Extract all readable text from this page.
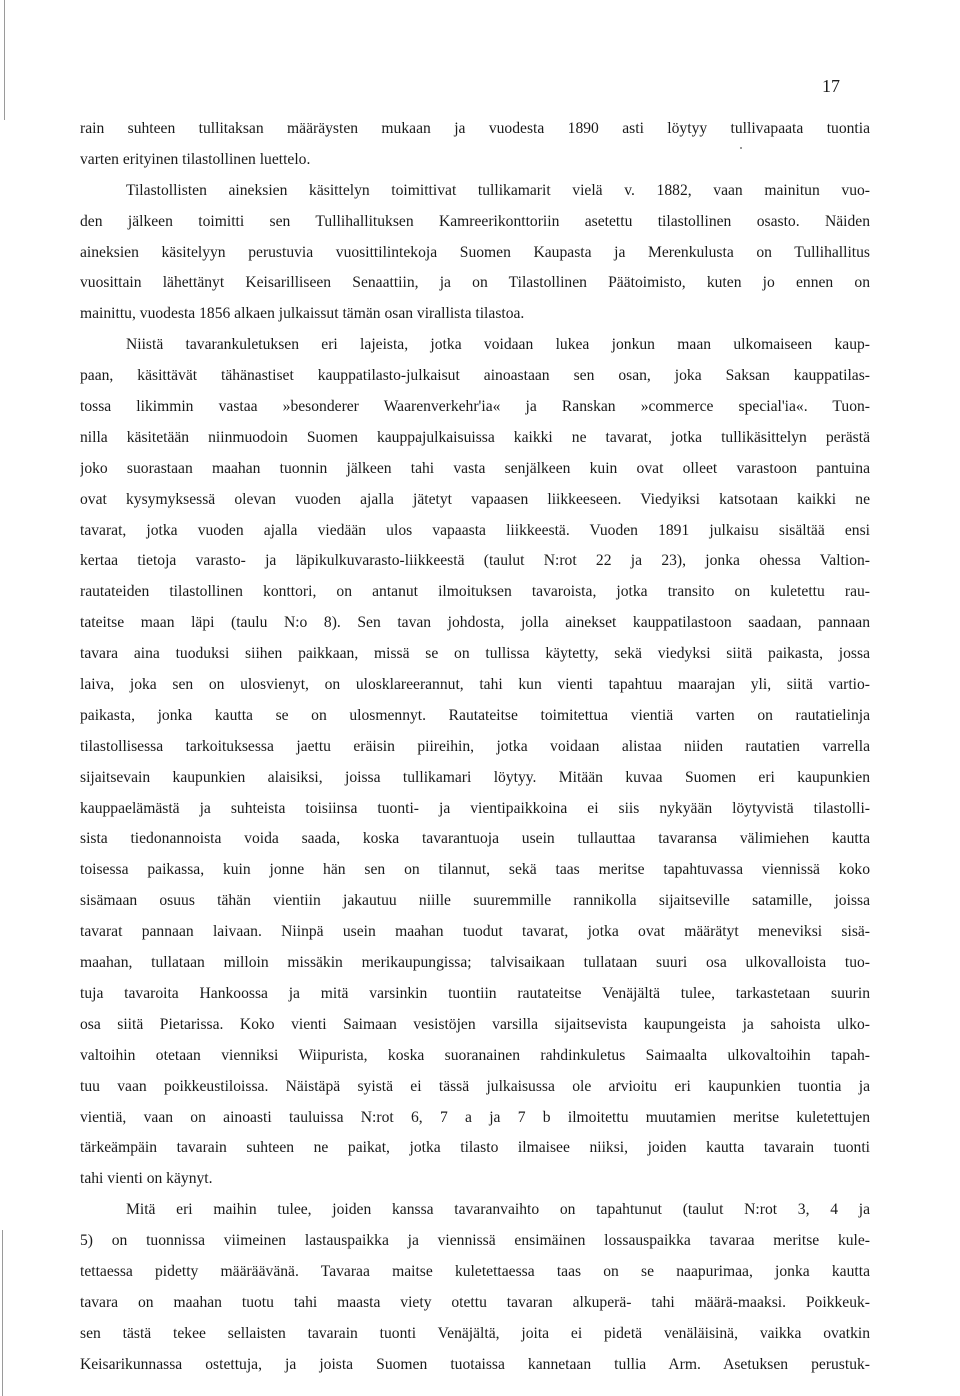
17
rain suhteen tullitaksan määräysten mukaan ja vuodesta 1890 asti löytyy tullivapaata tuontia
varten erityinen tilastollinen luettelo.
Tilastollisten aineksien käsittelyn toimittivat tullikamarit vielä v. 1882, vaan mainitun vuo-
den jälkeen toimitti sen Tullihallituksen Kamreerikonttoriin asetettu tilastollinen osasto. Näiden
aineksien käsitelyyn perustuvia vuosittilintekoja Suomen Kaupasta ja Merenkulusta on Tullihallitus
vuosittain lähettänyt Keisarilliseen Senaattiin, ja on Tilastollinen Päätoimisto, kuten jo ennen on
mainittu, vuodesta 1856 alkaen julkaissut tämän osan virallista tilastoa.
Niistä tavarankuletuksen eri lajeista, jotka voidaan lukea jonkun maan ulkomaiseen kaup-
paan, käsittävät tähänastiset kauppatilasto-julkaisut ainoastaan sen osan, joka Saksan kauppatilas-
tossa likimmin vastaa »besonderer Waarenverkehr'ia« ja Ranskan »commerce special'ia«. Tuon-
nilla käsitetään niinmuodoin Suomen kauppajulkaisuissa kaikki ne tavarat, jotka tullikäsittelyn perästä
joko suorastaan maahan tuonnin jälkeen tahi vasta senjälkeen kuin ovat olleet varastoon pantuina
ovat kysymyksessä olevan vuoden ajalla jätetyt vapaasen liikkeeseen. Viedyiksi katsotaan kaikki ne
tavarat, jotka vuoden ajalla viedään ulos vapaasta liikkeestä. Vuoden 1891 julkaisu sisältää ensi
kertaa tietoja varasto- ja läpikulkuvarasto-liikkeestä (taulut N:rot 22 ja 23), jonka ohessa Valtion-
rautateiden tilastollinen konttori, on antanut ilmoituksen tavaroista, jotka transito on kuletettu rau-
tateitse maan läpi (taulu N:o 8). Sen tavan johdosta, jolla ainekset kauppatilastoon saadaan, pannaan
tavara aina tuoduksi siihen paikkaan, missä se on tullissa käytetty, sekä viedyksi siitä paikasta, jossa
laiva, joka sen on ulosvienyt, on ulosklareerannut, tahi kun vienti tapahtuu maarajan yli, siitä vartio-
paikasta, jonka kautta se on ulosmennyt. Rautateitse toimitettua vientiä varten on rautatielinja
tilastollisessa tarkoituksessa jaettu eräisin piireihin, jotka voidaan alistaa niiden rautatien varrella
sijaitsevain kaupunkien alaisiksi, joissa tullikamari löytyy. Mitään kuvaa Suomen eri kaupunkien
kauppaelämästä ja suhteista toisiinsa tuonti- ja vientipaikkoina ei siis nykyään löytyvistä tilastolli-
sista tiedonannoista voida saada, koska tavarantuoja usein tullauttaa tavaransa välimiehen kautta
toisessa paikassa, kuin jonne hän sen on tilannut, sekä taas meritse tapahtuvassa viennissä koko
sisämaan osuus tähän vientiin jakautuu niille suuremmille rannikolla sijaitseville satamille, joissa
tavarat pannaan laivaan. Niinpä usein maahan tuodut tavarat, jotka ovat määrätyt meneviksi sisä-
maahan, tullataan milloin missäkin merikaupungissa; talvisaikaan tullataan suuri osa ulkovalloista tuo-
tuja tavaroita Hankoossa ja mitä varsinkin tuontiin rautateitse Venäjältä tulee, tarkastetaan suurin
osa siitä Pietarissa. Koko vienti Saimaan vesistöjen varsilla sijaitsevista kaupungeista ja sahoista ulko-
valtoihin otetaan vienniksi Wiipurista, koska suoranainen rahdinkuletus Saimaalta ulkovaltoihin tapah-
tuu vaan poikkeustiloissa. Näistäpä syistä ei tässä julkaisussa ole arvioitu eri kaupunkien tuontia ja
vientiä, vaan on ainoasti tauluissa N:rot 6, 7 a ja 7 b ilmoitettu muutamien meritse kuletettujen
tärkeämpäin tavarain suhteen ne paikat, jotka tilasto ilmaisee niiksi, joiden kautta tavarain tuonti
tahi vienti on käynyt.
Mitä eri maihin tulee, joiden kanssa tavaranvaihto on tapahtunut (taulut N:rot 3, 4 ja
5) on tuonnissa viimeinen lastauspaikka ja viennissä ensimäinen lossauspaikka tavaraa meritse kule-
tettaessa pidetty määräävänä. Tavaraa maitse kuletettaessa taas on se naapurimaa, jonka kautta
tavara on maahan tuotu tahi maasta viety otettu tavaran alkuperä- tahi määrä-maaksi. Poikkeuk-
sen tästä tekee sellaisten tavarain tuonti Venäjältä, joita ei pidetä venäläisinä, vaikka ovatkin
Keisarikunnassa ostettuja, ja joista Suomen tuotaissa kannetaan tullia Arm. Asetuksen perustuk-
